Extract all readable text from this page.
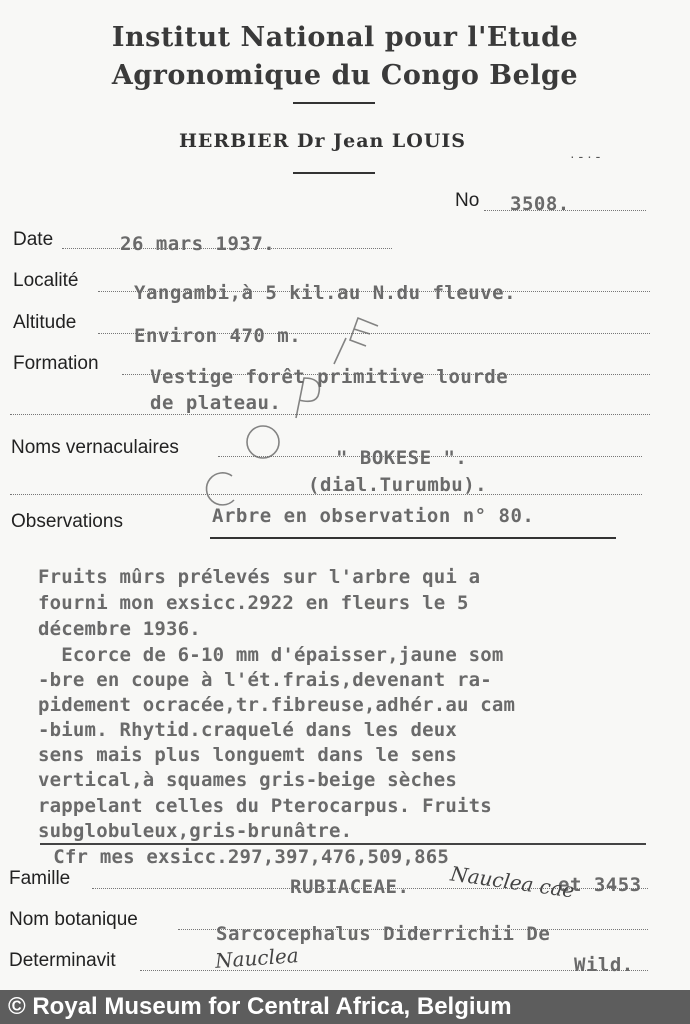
Institut National pour l'Etude
Agronomique du Congo Belge
HERBIER Dr Jean LOUIS
· - · -
No 3508.
Date	26 mars 1937.
Localité
Yangambi,à 5 kil.au N.du fleuve.
Altitude
Environ 470 m.
Formation
Vestige forêt primitive lourde
de plateau.
Noms vernaculaires	" BOKESE ".
(dial.Turumbu).
Observations	Arbre en observation n° 80.
Fruits mûrs prélevés sur l'arbre qui a
fourni mon exsicc.2922 en fleurs le 5
décembre 1936.
Ecorce de 6-10 mm d'épaisser,jaune som
-bre en coupe à l'ét.frais,devenant ra-
pidement ocracée,tr.fibreuse,adhér.au cam
-bium. Rhytid.craquelé dans les deux
sens mais plus longuemt dans le sens
vertical,à squames gris-beige sèches
rappelant celles du Pterocarpus. Fruits
subglobuleux,gris-brunâtre.
Cfr mes exsicc.297,397,476,509,865
Famille	RUBIACEAE.	et 3453
Nauclea cae
Nom botanique
Sarcocephalus Diderrichii De
Determinavit	Wild.
Nauclea
© Royal Museum for Central Africa, Belgium
